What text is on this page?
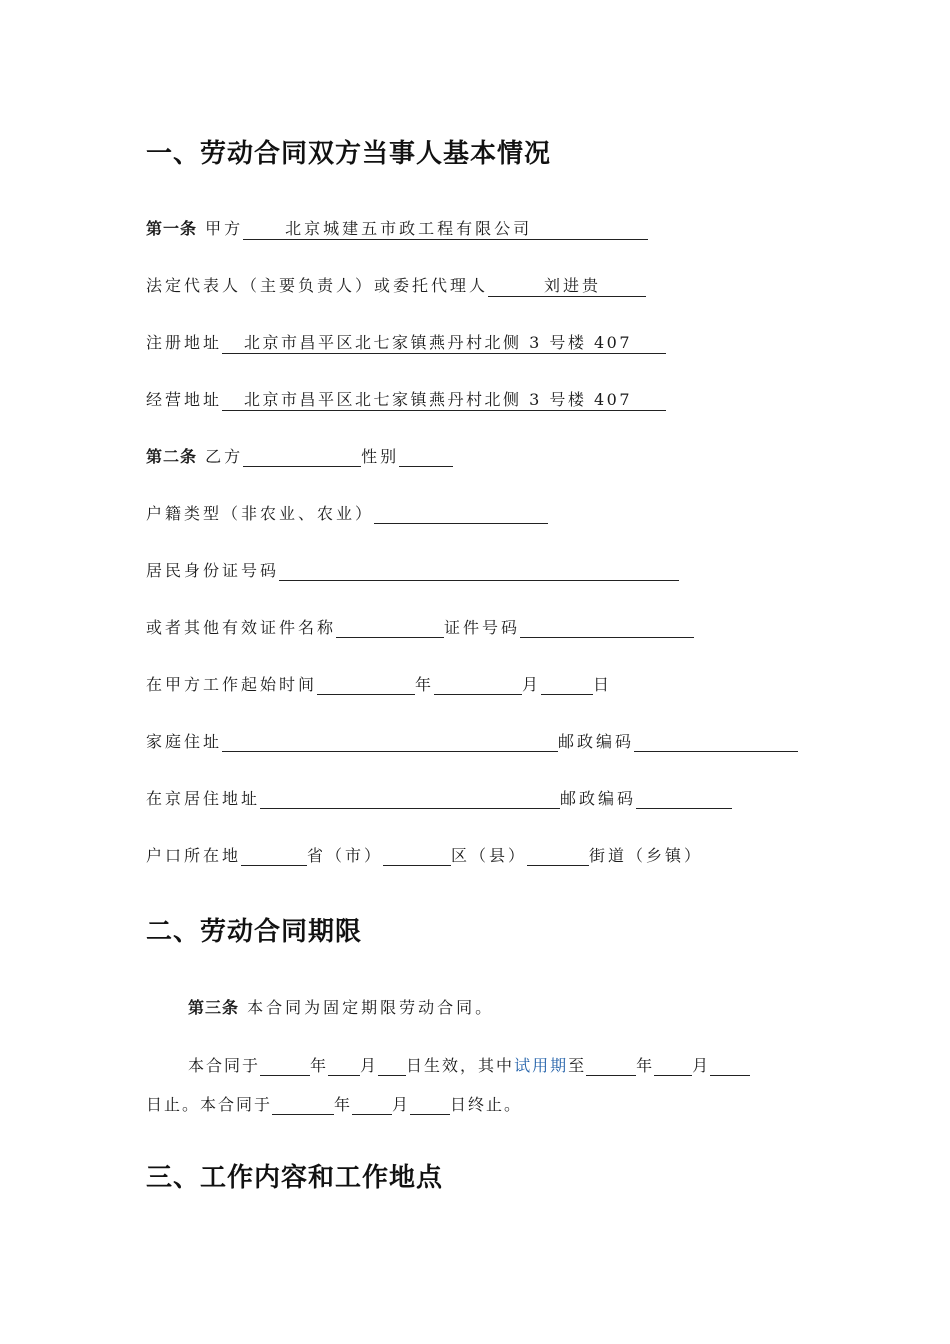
一、劳动合同双方当事人基本情况
第一条 甲方	北京城建五市政工程有限公司
法定代表人（主要负责人）或委托代理人	刘进贵
注册地址 北京市昌平区北七家镇燕丹村北侧 3 号楼 407
经营地址 北京市昌平区北七家镇燕丹村北侧 3 号楼 407
第二条 乙方	性别
户籍类型（非农业、农业）
居民身份证号码
或者其他有效证件名称	证件号码
在甲方工作起始时间	年	月	日
家庭住址	邮政编码
在京居住地址	邮政编码
户口所在地	省（市）	区（县）	街道（乡镇）
二、劳动合同期限
第三条 本合同为固定期限劳动合同。
本合同于	年 月 日生效，其中试用期至	年 月
日止。本合同于	年	月	日终止。
三、工作内容和工作地点
